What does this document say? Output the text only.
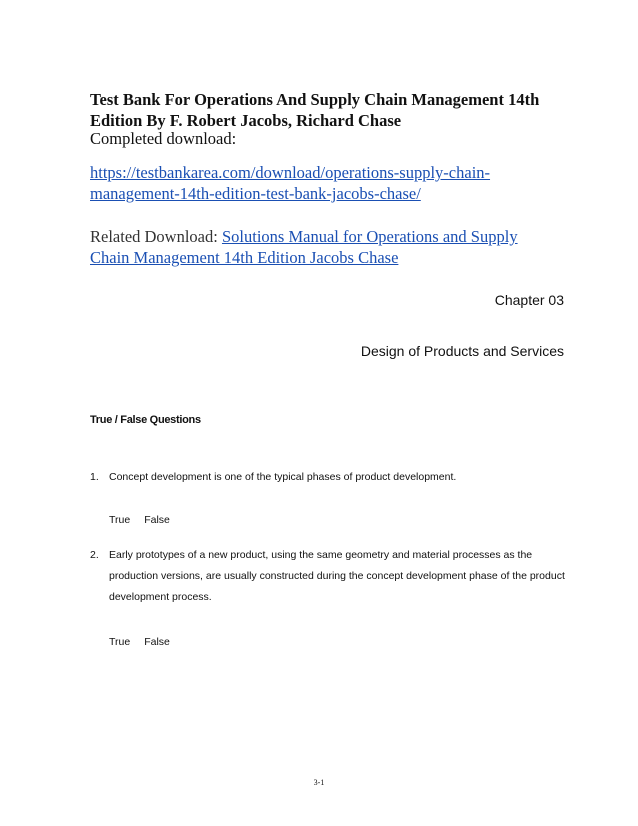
Test Bank For Operations And Supply Chain Management 14th Edition By F. Robert Jacobs, Richard Chase
Completed download:
https://testbankarea.com/download/operations-supply-chain-management-14th-edition-test-bank-jacobs-chase/
Related Download: Solutions Manual for Operations and Supply Chain Management 14th Edition Jacobs Chase
Chapter 03
Design of Products and Services
True / False Questions
1. Concept development is one of the typical phases of product development.
True False
2. Early prototypes of a new product, using the same geometry and material processes as the production versions, are usually constructed during the concept development phase of the product development process.
True False
3-1
